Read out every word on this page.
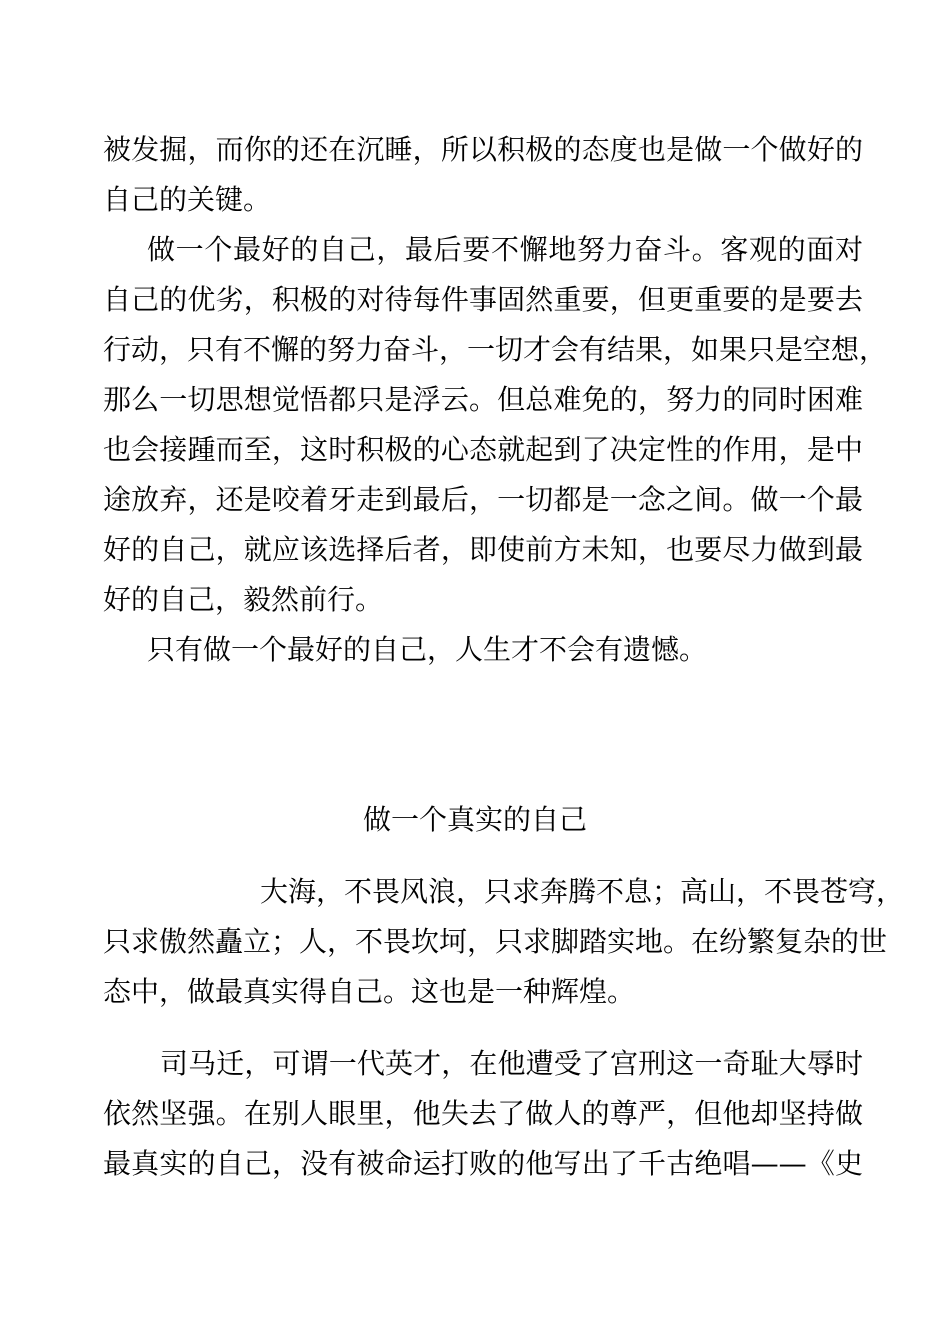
被发掘，而你的还在沉睡，所以积极的态度也是做一个做好的
自己的关键。
做一个最好的自己，最后要不懈地努力奋斗。客观的面对
自己的优劣，积极的对待每件事固然重要，但更重要的是要去
行动，只有不懈的努力奋斗，一切才会有结果，如果只是空想，
那么一切思想觉悟都只是浮云。但总难免的，努力的同时困难
也会接踵而至，这时积极的心态就起到了决定性的作用，是中
途放弃，还是咬着牙走到最后，一切都是一念之间。做一个最
好的自己，就应该选择后者，即使前方未知，也要尽力做到最
好的自己，毅然前行。
只有做一个最好的自己，人生才不会有遗憾。
做一个真实的自己
大海，不畏风浪，只求奔腾不息；高山，不畏苍穹，
只求傲然矗立；人，不畏坎坷，只求脚踏实地。在纷繁复杂的世
态中，做最真实得自己。这也是一种辉煌。
司马迁，可谓一代英才，在他遭受了宫刑这一奇耻大辱时
依然坚强。在别人眼里，他失去了做人的尊严，但他却坚持做
最真实的自己，没有被命运打败的他写出了千古绝唱——《史
